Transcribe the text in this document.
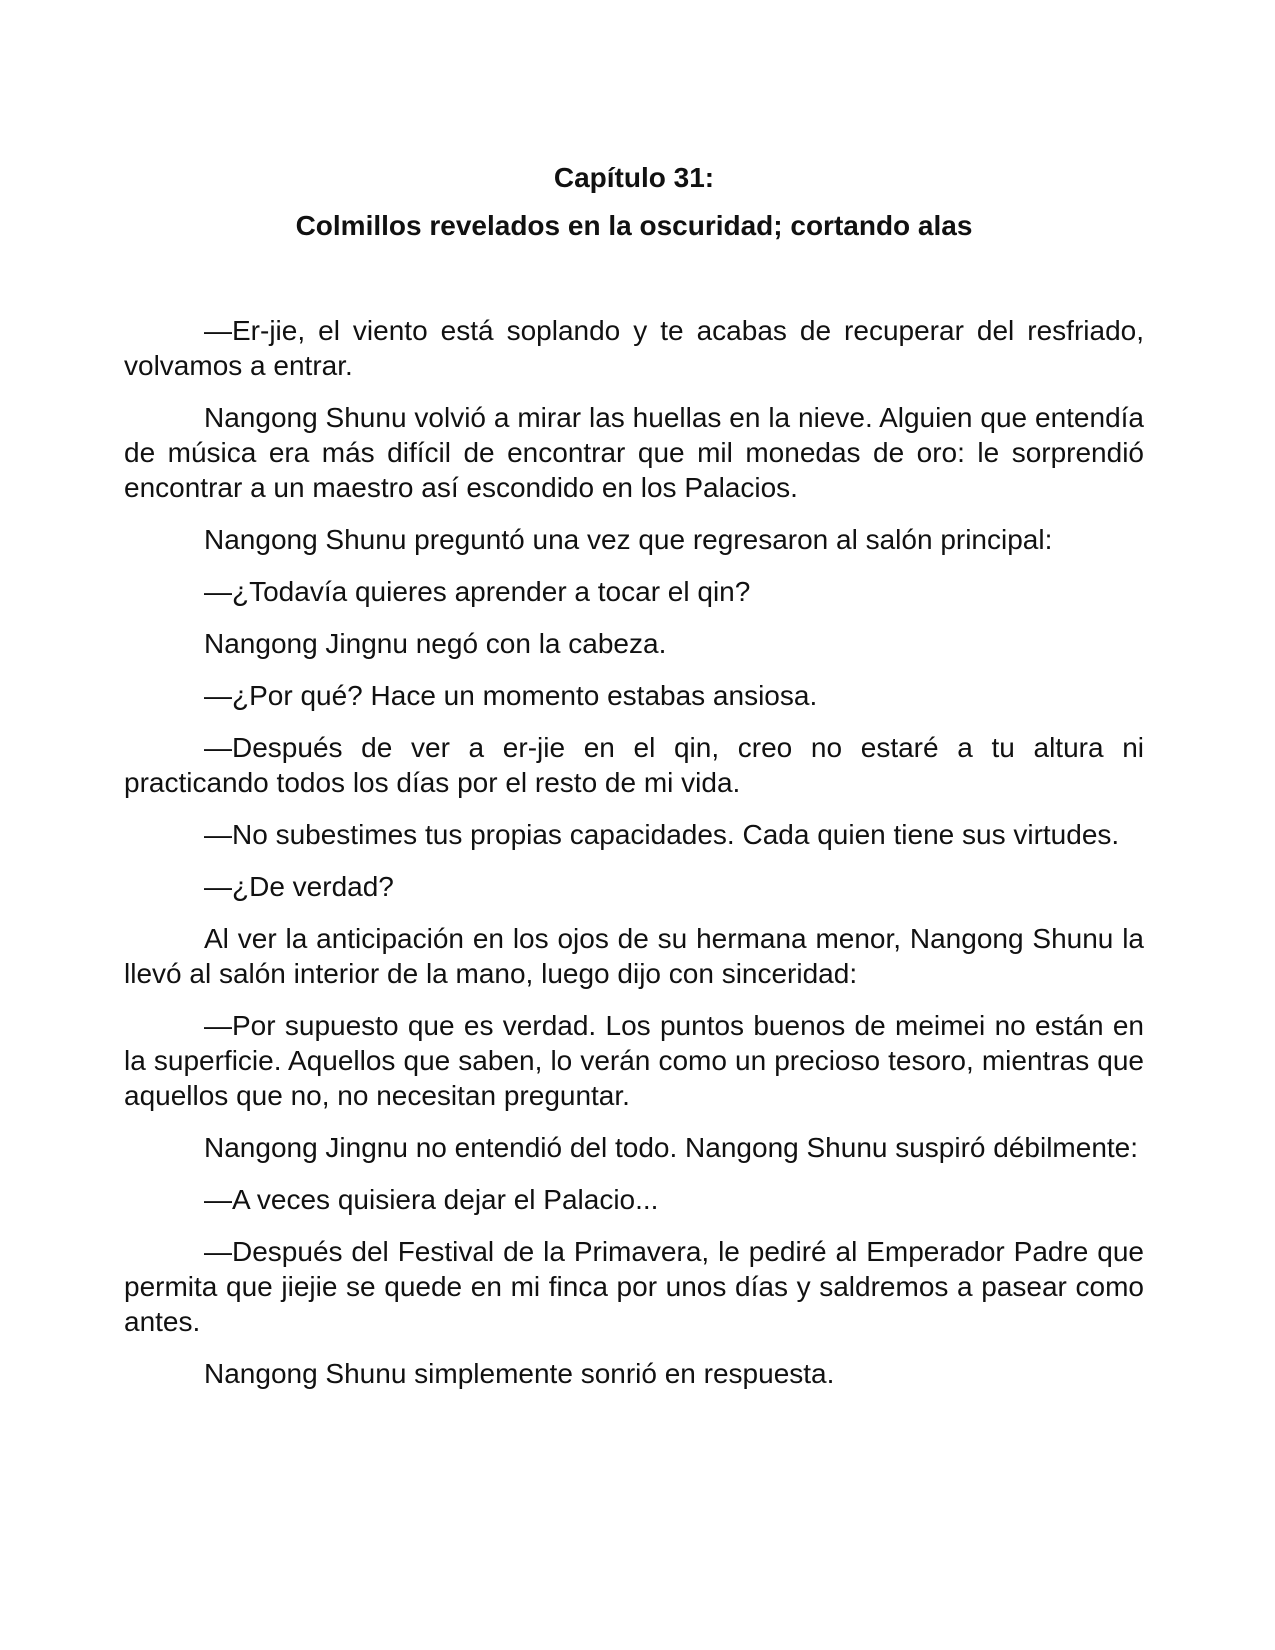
Capítulo 31:
Colmillos revelados en la oscuridad; cortando alas

—Er-jie, el viento está soplando y te acabas de recuperar del resfriado, volvamos a entrar.

Nangong Shunu volvió a mirar las huellas en la nieve. Alguien que entendía de música era más difícil de encontrar que mil monedas de oro: le sorprendió encontrar a un maestro así escondido en los Palacios.

Nangong Shunu preguntó una vez que regresaron al salón principal:

—¿Todavía quieres aprender a tocar el qin?

Nangong Jingnu negó con la cabeza.

—¿Por qué? Hace un momento estabas ansiosa.

—Después de ver a er-jie en el qin, creo no estaré a tu altura ni practicando todos los días por el resto de mi vida.

—No subestimes tus propias capacidades. Cada quien tiene sus virtudes.

—¿De verdad?

Al ver la anticipación en los ojos de su hermana menor, Nangong Shunu la llevó al salón interior de la mano, luego dijo con sinceridad:

—Por supuesto que es verdad. Los puntos buenos de meimei no están en la superficie. Aquellos que saben, lo verán como un precioso tesoro, mientras que aquellos que no, no necesitan preguntar.

Nangong Jingnu no entendió del todo. Nangong Shunu suspiró débilmente:

—A veces quisiera dejar el Palacio...

—Después del Festival de la Primavera, le pediré al Emperador Padre que permita que jiejie se quede en mi finca por unos días y saldremos a pasear como antes.

Nangong Shunu simplemente sonrió en respuesta.
